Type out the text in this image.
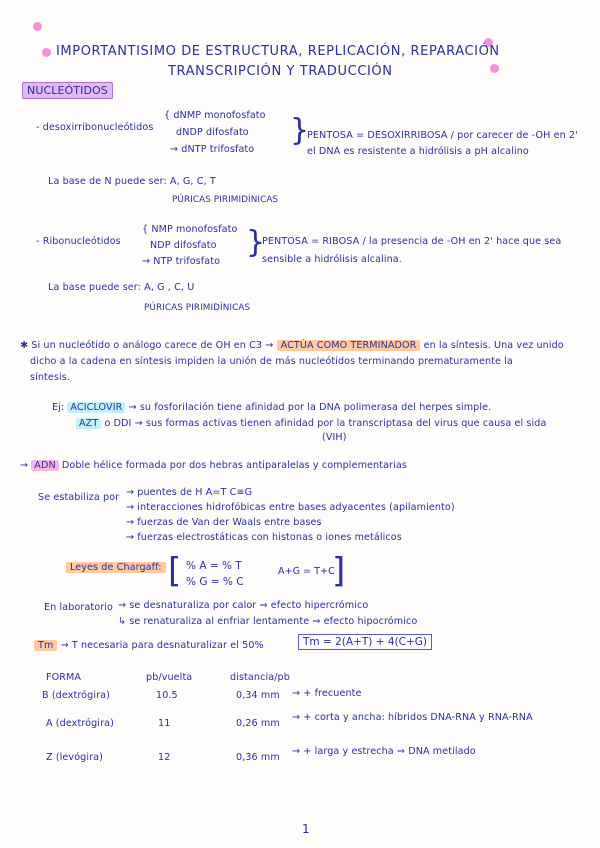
IMPORTANTISIMO DE ESTRUCTURA, REPLICACIÓN, REPARACIÓN
TRANSCRIPCIÓN Y TRADUCCIÓN
NUCLEÓTIDOS
- desoxirribonucleótidos
{ dNMP monofosfato
dNDP difosfato
→ dNTP trifosfato
}
PENTOSA = DESOXIRRIBOSA / por carecer de -OH en 2'
el DNA es resistente a hidrólisis a pH alcalino
La base de N puede ser: A, G, C, T
PÚRICAS PIRIMIDÍNICAS
- Ribonucleótidos
{ NMP monofosfato
NDP difosfato
→ NTP trifosfato
}
PENTOSA = RIBOSA / la presencia de -OH en 2' hace que sea
sensible a hidrólisis alcalina.
La base puede ser: A, G , C, U
PÚRICAS PIRIMIDÍNICAS
✱ Si un nucleótido o análogo carece de OH en C3 → ACTÚA COMO TERMINADOR en la síntesis. Una vez unido
dicho a la cadena en síntesis impiden la unión de más nucleótidos terminando prematuramente la
síntesis.
Ej: ACICLOVIR → su fosforilación tiene afinidad por la DNA polimerasa del herpes simple.
AZT o DDI → sus formas activas tienen afinidad por la transcriptasa del virus que causa el sida
(VIH)
→ ADN Doble hélice formada por dos hebras antiparalelas y complementarias
Se estabiliza por → puentes de H A=T C≡G
→ interacciones hidrofóbicas entre bases adyacentes (apilamiento)
→ fuerzas de Van der Waals entre bases
→ fuerzas electrostáticas con histonas o iones metálicos
Leyes de Chargaff: [ % A = % T
% G = % C
A+G = T+C
]
En laboratorio → se desnaturaliza por calor ⇒ efecto hipercrómico
↳ se renaturaliza al enfriar lentamente ⇒ efecto hipocrómico
Tm → T necesaria para desnaturalizar el 50%	Tm = 2(A+T) + 4(C+G)
FORMA	pb/vuelta	distancia/pb
B (dextrógira)	10.5	0,34 mm → + frecuente
A (dextrógira)	11	0,26 mm
→ + corta y ancha: híbridos DNA-RNA y RNA-RNA
Z (levógira)	12	0,36 mm
→ + larga y estrecha ⇒ DNA metilado
1
